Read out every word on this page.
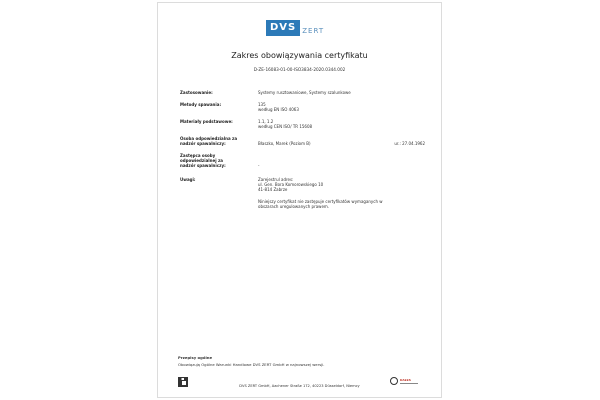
DVS ZERT
Zakres obowiązywania certyfikatu
D-ZE-16083-01-00-ISO3834-2020.0344.002
Zastosowanie:	Systemy rusztowaniowe, Systemy szalunkowe
Metody spawania:	135
według EN ISO 4063
Materiały podstawowe:	1.1, 1.2
według CEN ISO/ TR 15608
Osoba odpowiedzialna za
nadzór spawalniczy:	Błaszko, Marek (Poziom B)	ur.: 27.04.1962
Zastępca osoby
odpowiedzialnej za
nadzór spawalniczy:	-
Uwagi:	Zarejestrul adres:
ul. Gen. Bora Komorowskiego 10
41-814 Zabrze
Niniejszy certyfikat nie zastępuje certyfikatów wymaganych w
obszarach uregulowanych prawem.
Przepisy ogólne
Obowiązują Ogólne Warunki Handlowe DVS ZERT GmbH w najnowszej wersji.
DVS ZERT GmbH, Aachener Straße 172, 40223 Düsseldorf, Niemcy
DAkkS
